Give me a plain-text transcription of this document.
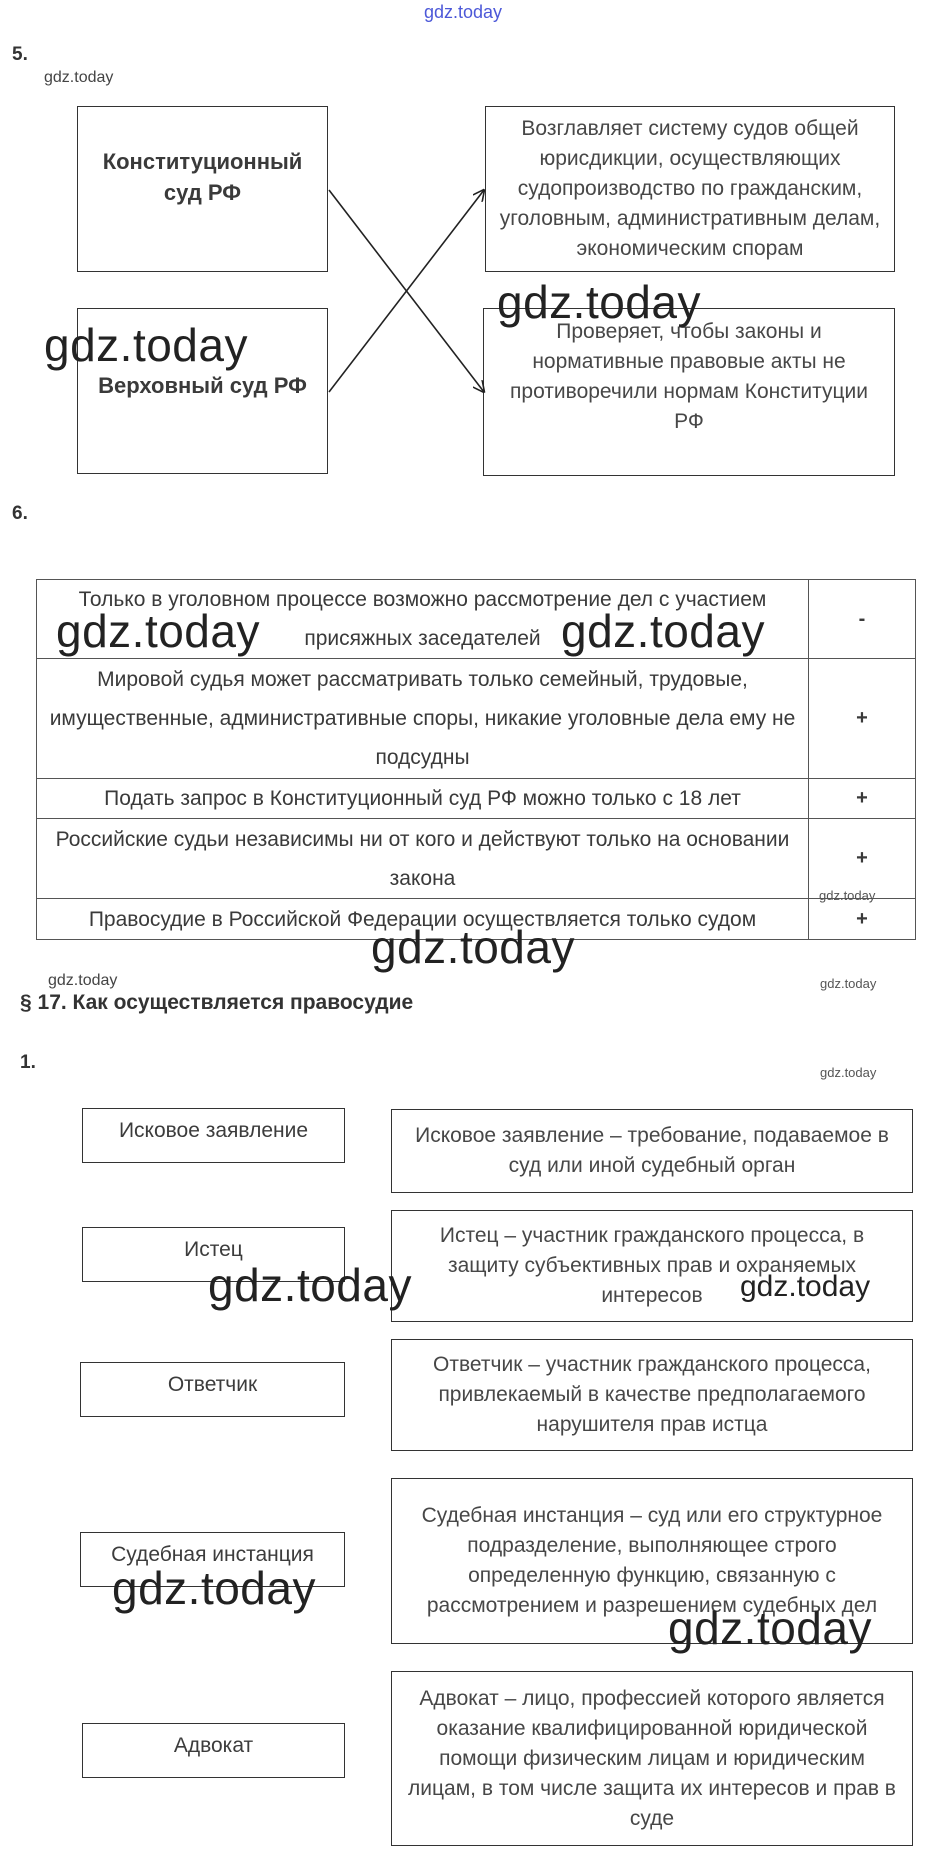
gdz.today
5.
gdz.today
Конституционный суд РФ
Верховный суд РФ
Возглавляет систему судов общей юрисдикции, осуществляющих судопроизводство по гражданским, уголовным, административным делам, экономическим спорам
Проверяет, чтобы законы и нормативные правовые акты не противоречили нормам Конституции РФ
gdz.today
gdz.today
6.
Только в уголовном процессе возможно рассмотрение дел с участием присяжных заседателей	-
Мировой судья может рассматривать только семейный, трудовые, имущественные, административные споры, никакие уголовные дела ему не подсудны	+
Подать запрос в Конституционный суд РФ можно только с 18 лет	+
Российские судьи независимы ни от кого и действуют только на основании закона	+
Правосудие в Российской Федерации осуществляется только судом	+
gdz.today	gdz.today
gdz.today
gdz.today
gdz.today	gdz.today
§ 17. Как осуществляется правосудие
1.	gdz.today
Исковое заявление
Истец
Ответчик
Судебная инстанция
Адвокат
Исковое заявление – требование, подаваемое в суд или иной судебный орган
Истец – участник гражданского процесса, в защиту субъективных прав и охраняемых интересов
Ответчик – участник гражданского процесса, привлекаемый в качестве предполагаемого нарушителя прав истца
Судебная инстанция – суд или его структурное подразделение, выполняющее строго определенную функцию, связанную с рассмотрением и разрешением судебных дел
Адвокат – лицо, профессией которого является оказание квалифицированной юридической помощи физическим лицам и юридическим лицам, в том числе защита их интересов и прав в суде
gdz.today	gdz.today
gdz.today
gdz.today
